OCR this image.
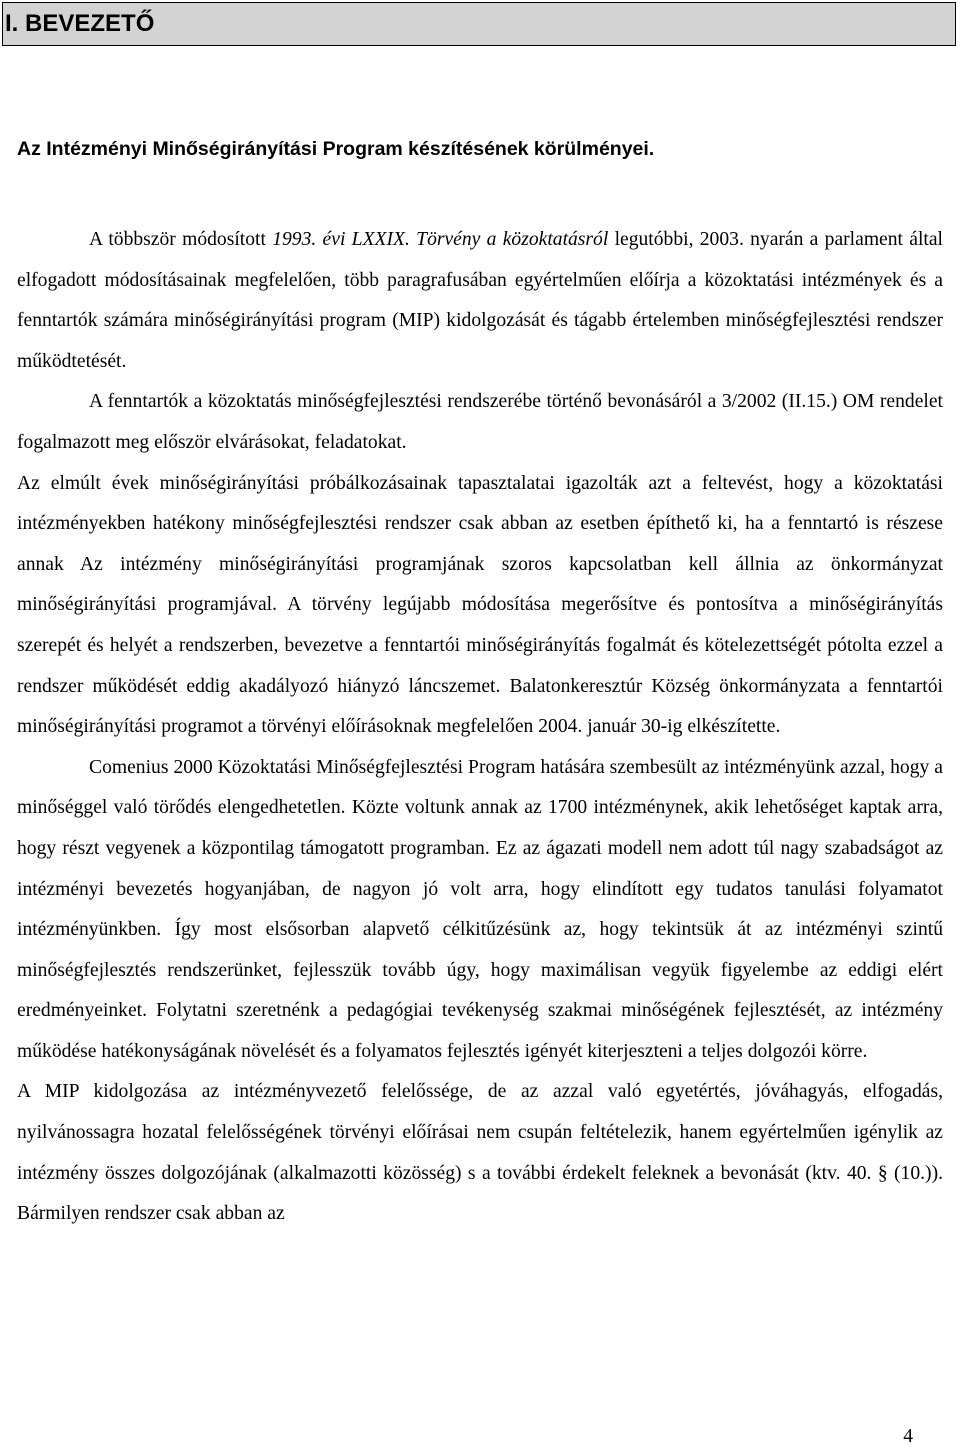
I. BEVEZETŐ
Az Intézményi Minőségirányítási Program készítésének körülményei.

A többször módosított 1993. évi LXXIX. Törvény a közoktatásról legutóbbi, 2003. nyarán a parlament által elfogadott módosításainak megfelelően, több paragrafusában egyértelműen előírja a közoktatási intézmények és a fenntartók számára minőségirányítási program (MIP) kidolgozását és tágabb értelemben minőségfejlesztési rendszer működtetését.

A fenntartók a közoktatás minőségfejlesztési rendszerébe történő bevonásáról a 3/2002 (II.15.) OM rendelet fogalmazott meg először elvárásokat, feladatokat.

Az elmúlt évek minőségirányítási próbálkozásainak tapasztalatai igazolták azt a feltevést, hogy a közoktatási intézményekben hatékony minőségfejlesztési rendszer csak abban az esetben építhető ki, ha a fenntartó is részese annak Az intézmény minőségirányítási programjának szoros kapcsolatban kell állnia az önkormányzat minőségirányítási programjával. A törvény legújabb módosítása megerősítve és pontosítva a minőségirányítás szerepét és helyét a rendszerben, bevezetve a fenntartói minőségirányítás fogalmát és kötelezettségét pótolta ezzel a rendszer működését eddig akadályozó hiányzó láncszemet. Balatonkeresztúr Község önkormányzata a fenntartói minőségirányítási programot a törvényi előírásoknak megfelelően 2004. január 30-ig elkészítette.

Comenius 2000 Közoktatási Minőségfejlesztési Program hatására szembesült az intézményünk azzal, hogy a minőséggel való törődés elengedhetetlen. Közte voltunk annak az 1700 intézménynek, akik lehetőséget kaptak arra, hogy részt vegyenek a központilag támogatott programban. Ez az ágazati modell nem adott túl nagy szabadságot az intézményi bevezetés hogyanjában, de nagyon jó volt arra, hogy elindított egy tudatos tanulási folyamatot intézményünkben. Így most elsősorban alapvető célkitűzésünk az, hogy tekintsük át az intézményi szintű minőségfejlesztés rendszerünket, fejlesszük tovább úgy, hogy maximálisan vegyük figyelembe az eddigi elért eredményeinket. Folytatni szeretnénk a pedagógiai tevékenység szakmai minőségének fejlesztését, az intézmény működése hatékonyságának növelését és a folyamatos fejlesztés igényét kiterjeszteni a teljes dolgozói körre.

A MIP kidolgozása az intézményvezető felelőssége, de az azzal való egyetértés, jóváhagyás, elfogadás, nyilvánossagra hozatal felelősségének törvényi előírásai nem csupán feltételezik, hanem egyértelműen igénylik az intézmény összes dolgozójának (alkalmazotti közösség) s a további érdekelt feleknek a bevonását (ktv. 40. § (10.)). Bármilyen rendszer csak abban az

4
